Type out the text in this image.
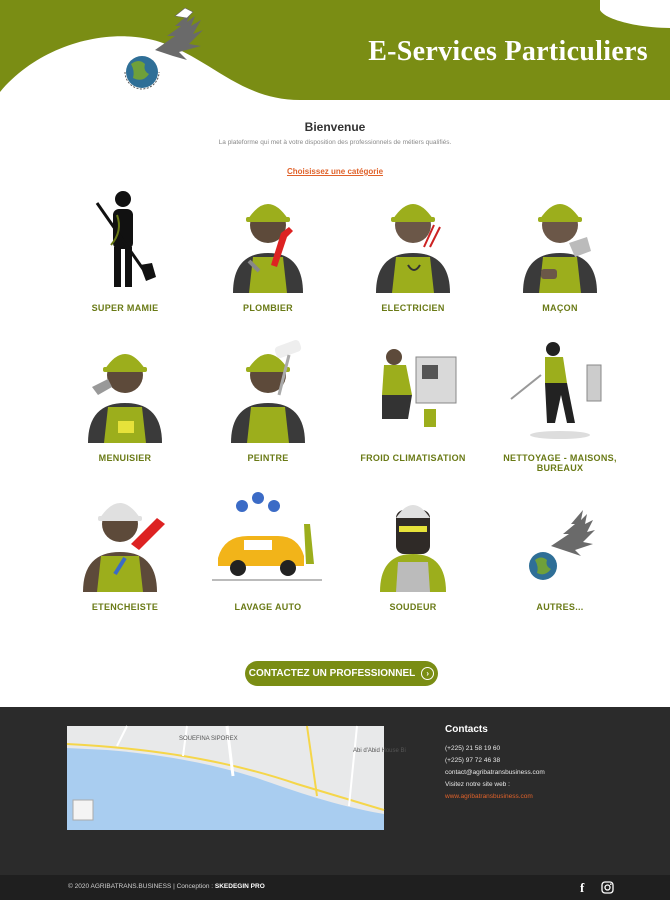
E-Services Particuliers
Bienvenue
La plateforme qui met à votre disposition des professionnels de métiers qualifiés.
Choisissez une catégorie
SUPER MAMIE	PLOMBIER	ELECTRICIEN	MAÇON
MENUISIER	PEINTRE	FROID CLIMATISATION	NETTOYAGE - MAISONS, BUREAUX
ETENCHEISTE	LAVAGE AUTO	SOUDEUR	AUTRES...
CONTACTEZ UN PROFESSIONNEL	›
SOUEFINA SIPOREX
Abi d'Abid House Bi
Contacts
(+225) 21 58 19 60
(+225) 97 72 46 38
contact@agribatransbusiness.com
Visitez notre site web :
www.agribatransbusiness.com
© 2020 AGRIBATRANS.BUSINESS | Conception : SKEDEGIN PRO	f
